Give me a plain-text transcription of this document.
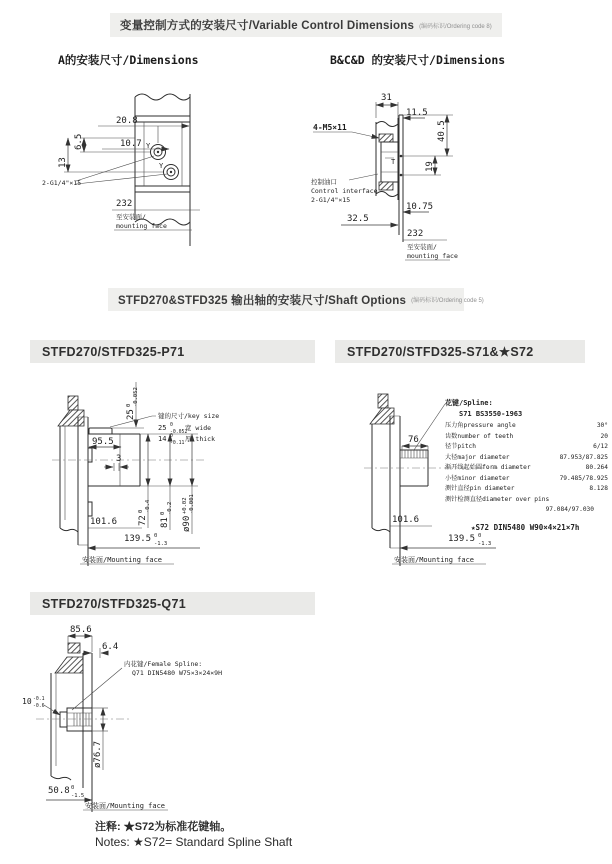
变量控制方式的安装尺寸/Variable Control Dimensions (编码标识/Ordering code 8)
A的安装尺寸/Dimensions	B&C&D 的安装尺寸/Dimensions
Y
Y
20.8
10.7
6.5
13
2-G1/4"×15
232
至安装面/
mounting face
T
31
11.5
40.5
19
10.75
32.5
4-M5×11
控制油口
Control interface
2-G1/4"×15
232
至安装面/
mounting face
STFD270&STFD325 输出轴的安装尺寸/Shaft Options (编码标识/Ordering code 5)
STFD270/STFD325-P71	STFD270/STFD325-S71&★S72
25
0 -0.052
键的尺寸/key size
25 0
-0.052
宽 wide
14 0
-0.11
厚 thick
95.5
3
72
0 -0.4
81
0 -0.2
ø90
+0.02 -0.001
101.6
139.5 0
-1.3
安装面/Mounting face
76
101.6
139.5 0
-1.3
安装面/Mounting face
花键/Spline:
S71 BS3550-1963
压力角pressure angle	30°
齿数number of teeth	20
径节pitch	6/12
大径major diameter	87.953/87.825
渐开线起始圆form diameter	80.264
小径minor diameter	79.485/78.925
测针直径pin diameter	8.128
测针检测直径diameter over pins
97.084/97.030
★S72 DIN5480 W90×4×21×7h
STFD270/STFD325-Q71
85.6
6.4
内花键/Female Spline:
Q71 DIN5480 W75×3×24×9H
10 -0.1
-0.6
ø76.7
50.8 0
-1.5
安装面/Mounting face
注释: ★S72为标准花键轴。
Notes: ★S72= Standard Spline Shaft
